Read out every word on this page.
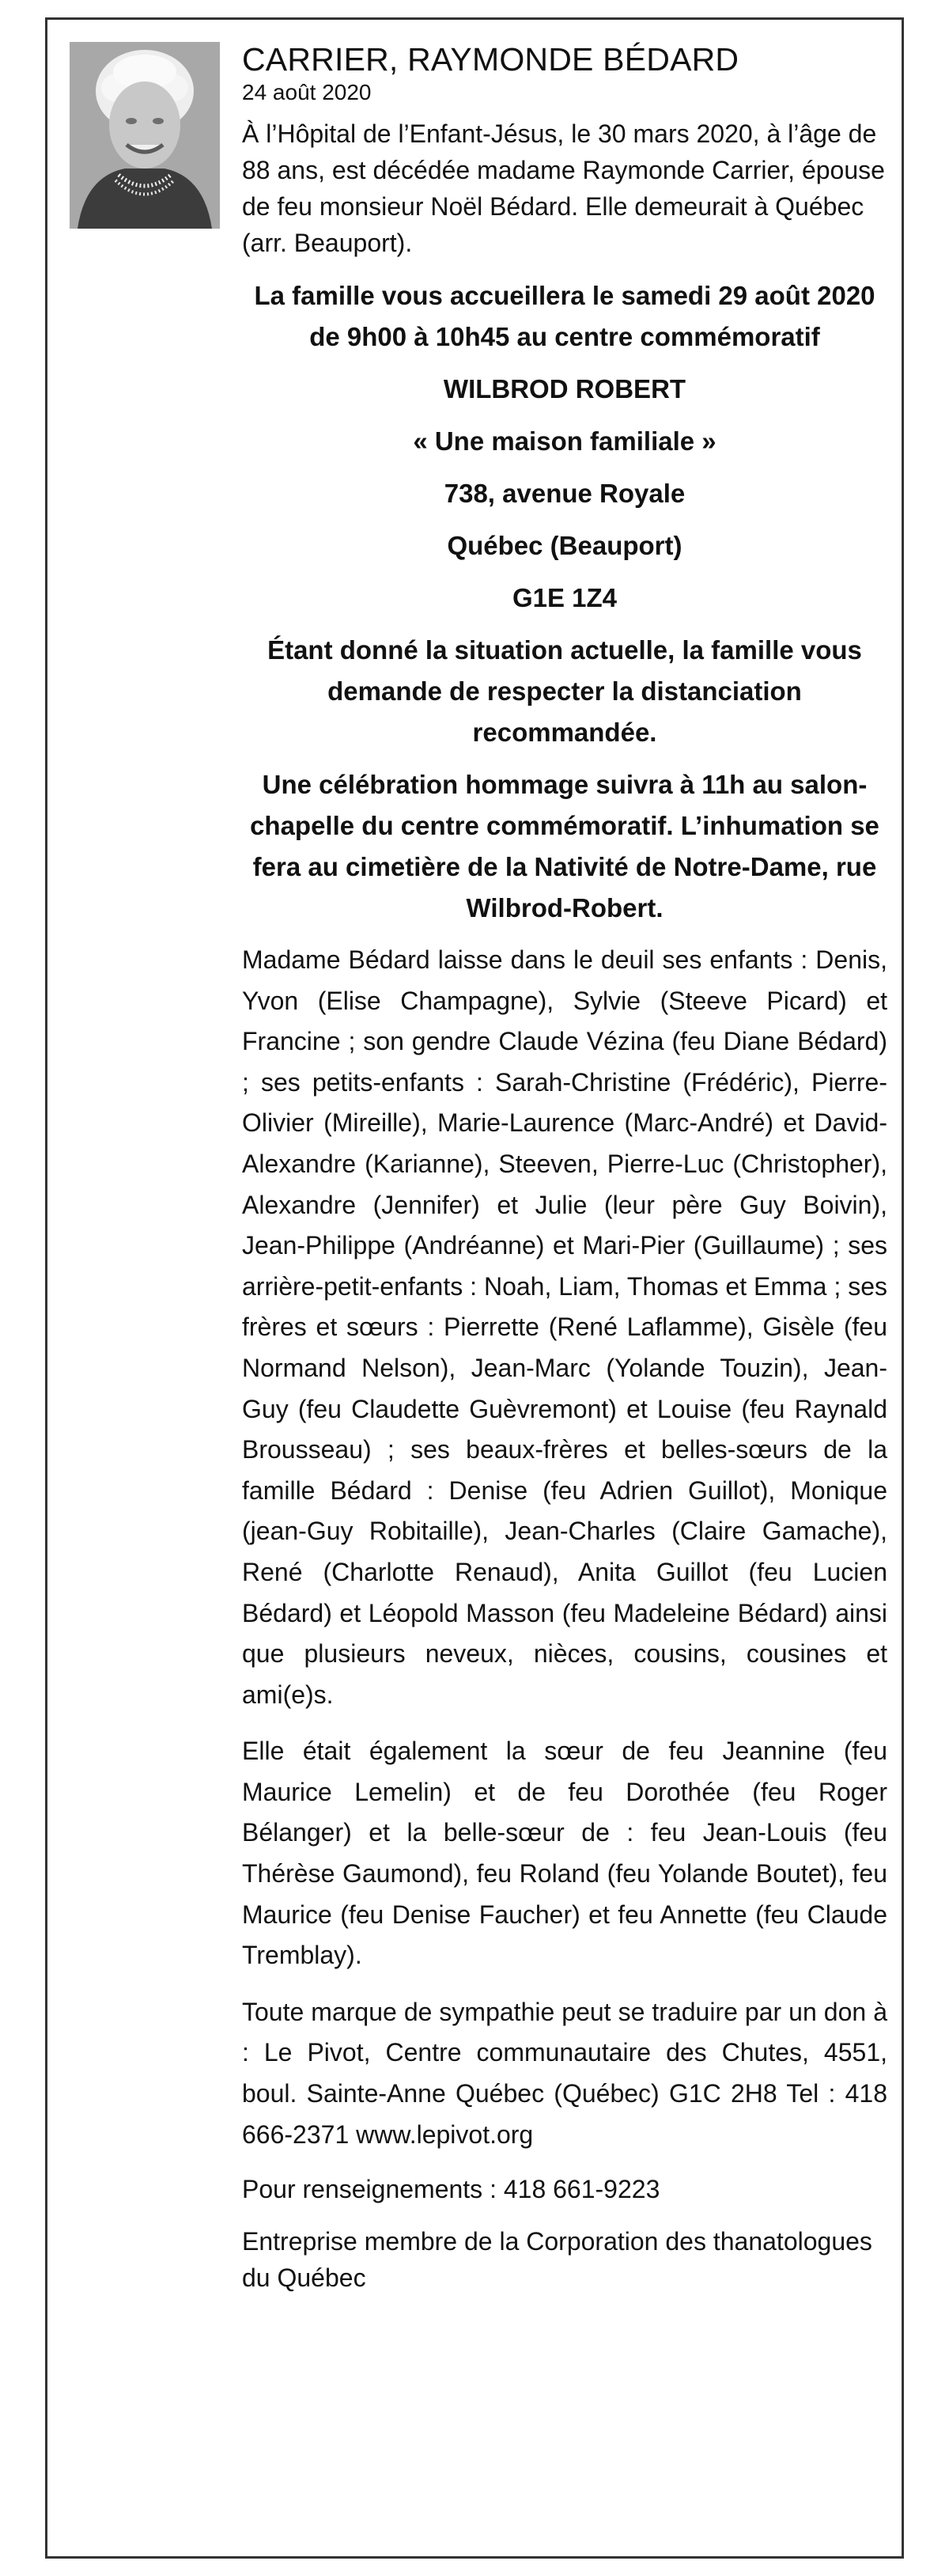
CARRIER, RAYMONDE BÉDARD

24 août 2020

À l’Hôpital de l’Enfant-Jésus, le 30 mars 2020, à l’âge de 88 ans, est décédée madame Raymonde Carrier, épouse de feu monsieur Noël Bédard. Elle demeurait à Québec (arr. Beauport).

La famille vous accueillera le samedi 29 août 2020 de 9h00 à 10h45 au centre commémoratif

WILBROD ROBERT

« Une maison familiale »

738, avenue Royale

Québec (Beauport)

G1E 1Z4

Étant donné la situation actuelle, la famille vous demande de respecter la distanciation recommandée.

Une célébration hommage suivra à 11h au salon-chapelle du centre commémoratif. L’inhumation se fera au cimetière de la Nativité de Notre-Dame, rue Wilbrod-Robert.

Madame Bédard laisse dans le deuil ses enfants : Denis, Yvon (Elise Champagne), Sylvie (Steeve Picard) et Francine ; son gendre Claude Vézina (feu Diane Bédard) ; ses petits-enfants : Sarah-Christine (Frédéric), Pierre-Olivier (Mireille), Marie-Laurence (Marc-André) et David-Alexandre (Karianne), Steeven, Pierre-Luc (Christopher), Alexandre (Jennifer) et Julie (leur père Guy Boivin), Jean-Philippe (Andréanne) et Mari-Pier (Guillaume) ; ses arrière-petit-enfants : Noah, Liam, Thomas et Emma ; ses frères et sœurs : Pierrette (René Laflamme), Gisèle (feu Normand Nelson), Jean-Marc (Yolande Touzin), Jean-Guy (feu Claudette Guèvremont) et Louise (feu Raynald Brousseau) ; ses beaux-frères et belles-sœurs de la famille Bédard : Denise (feu Adrien Guillot), Monique (jean-Guy Robitaille), Jean-Charles (Claire Gamache), René (Charlotte Renaud), Anita Guillot (feu Lucien Bédard) et Léopold Masson (feu Madeleine Bédard) ainsi que plusieurs neveux, nièces, cousins, cousines et ami(e)s.

Elle était également la sœur de feu Jeannine (feu Maurice Lemelin) et de feu Dorothée (feu Roger Bélanger) et la belle-sœur de : feu Jean-Louis (feu Thérèse Gaumond), feu Roland (feu Yolande Boutet), feu Maurice (feu Denise Faucher) et feu Annette (feu Claude Tremblay).

Toute marque de sympathie peut se traduire par un don à : Le Pivot, Centre communautaire des Chutes, 4551, boul. Sainte-Anne Québec (Québec) G1C 2H8 Tel : 418 666-2371 www.lepivot.org

Pour renseignements : 418 661-9223

Entreprise membre de la Corporation des thanatologues du Québec
